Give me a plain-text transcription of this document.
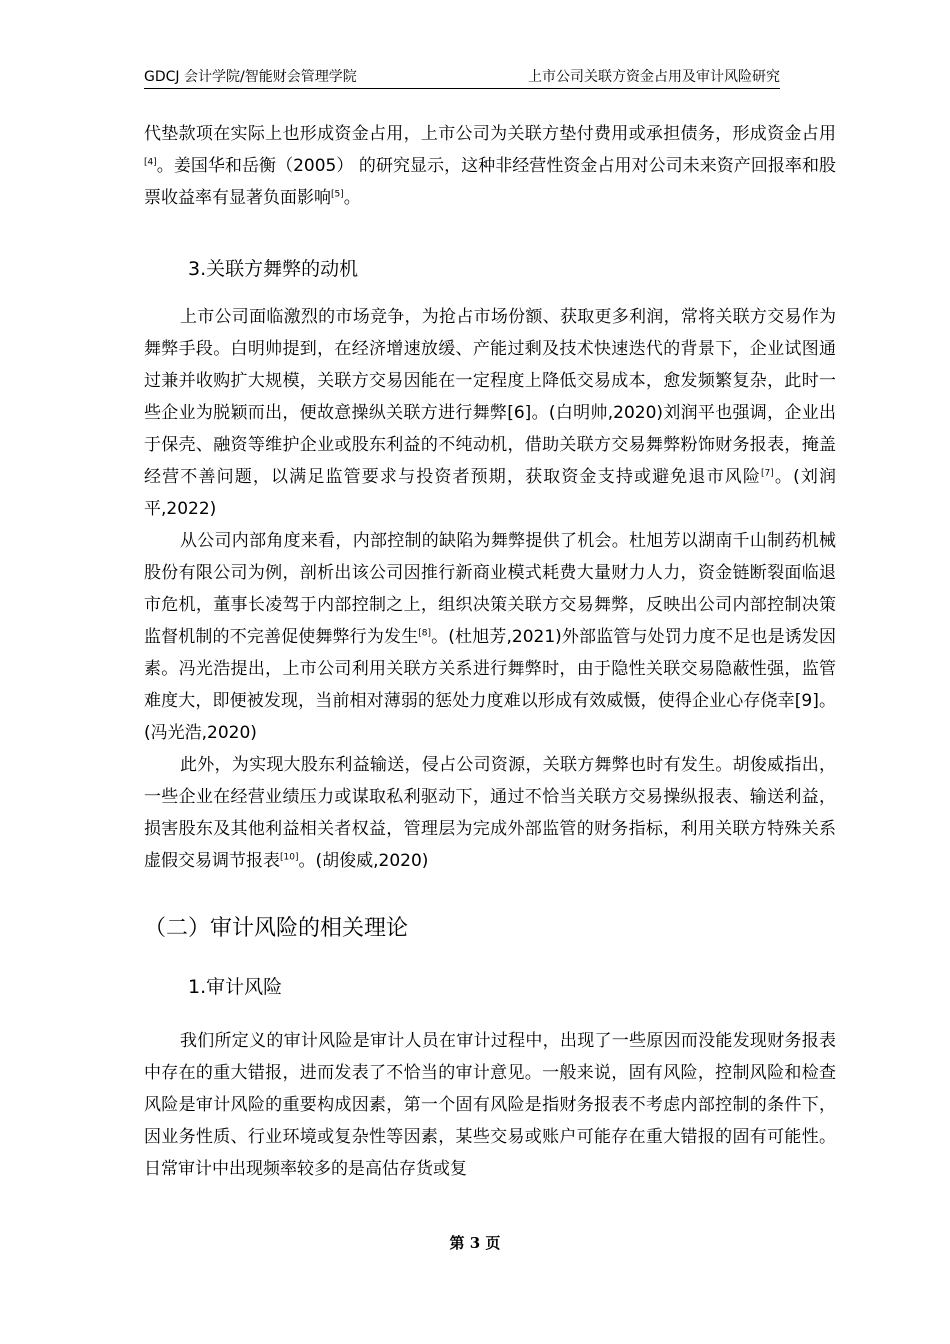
GDCJ 会计学院/智能财会管理学院	上市公司关联方资金占用及审计风险研究

代垫款项在实际上也形成资金占用，上市公司为关联方垫付费用或承担债务，形成资金占用[4]。姜国华和岳衡（2005） 的研究显示，这种非经营性资金占用对公司未来资产回报率和股票收益率有显著负面影响[5]。

3.关联方舞弊的动机

上市公司面临激烈的市场竞争，为抢占市场份额、获取更多利润，常将关联方交易作为舞弊手段。白明帅提到，在经济增速放缓、产能过剩及技术快速迭代的背景下，企业试图通过兼并收购扩大规模，关联方交易因能在一定程度上降低交易成本，愈发频繁复杂，此时一些企业为脱颖而出，便故意操纵关联方进行舞弊[6]。(白明帅,2020)刘润平也强调，企业出于保壳、融资等维护企业或股东利益的不纯动机，借助关联方交易舞弊粉饰财务报表，掩盖经营不善问题，以满足监管要求与投资者预期，获取资金支持或避免退市风险[7]。(刘润平,2022)

从公司内部角度来看，内部控制的缺陷为舞弊提供了机会。杜旭芳以湖南千山制药机械股份有限公司为例，剖析出该公司因推行新商业模式耗费大量财力人力，资金链断裂面临退市危机，董事长凌驾于内部控制之上，组织决策关联方交易舞弊，反映出公司内部控制决策监督机制的不完善促使舞弊行为发生[8]。(杜旭芳,2021)外部监管与处罚力度不足也是诱发因素。冯光浩提出，上市公司利用关联方关系进行舞弊时，由于隐性关联交易隐蔽性强，监管难度大，即便被发现，当前相对薄弱的惩处力度难以形成有效威慑，使得企业心存侥幸[9]。(冯光浩,2020)

此外，为实现大股东利益输送，侵占公司资源，关联方舞弊也时有发生。胡俊威指出，一些企业在经营业绩压力或谋取私利驱动下，通过不恰当关联方交易操纵报表、输送利益，损害股东及其他利益相关者权益，管理层为完成外部监管的财务指标，利用关联方特殊关系虚假交易调节报表[10]。(胡俊威,2020)

（二）审计风险的相关理论
1.审计风险

我们所定义的审计风险是审计人员在审计过程中，出现了一些原因而没能发现财务报表中存在的重大错报，进而发表了不恰当的审计意见。一般来说，固有风险，控制风险和检查风险是审计风险的重要构成因素，第一个固有风险是指财务报表不考虑内部控制的条件下，因业务性质、行业环境或复杂性等因素，某些交易或账户可能存在重大错报的固有可能性。日常审计中出现频率较多的是高估存货或复

第 3 页
